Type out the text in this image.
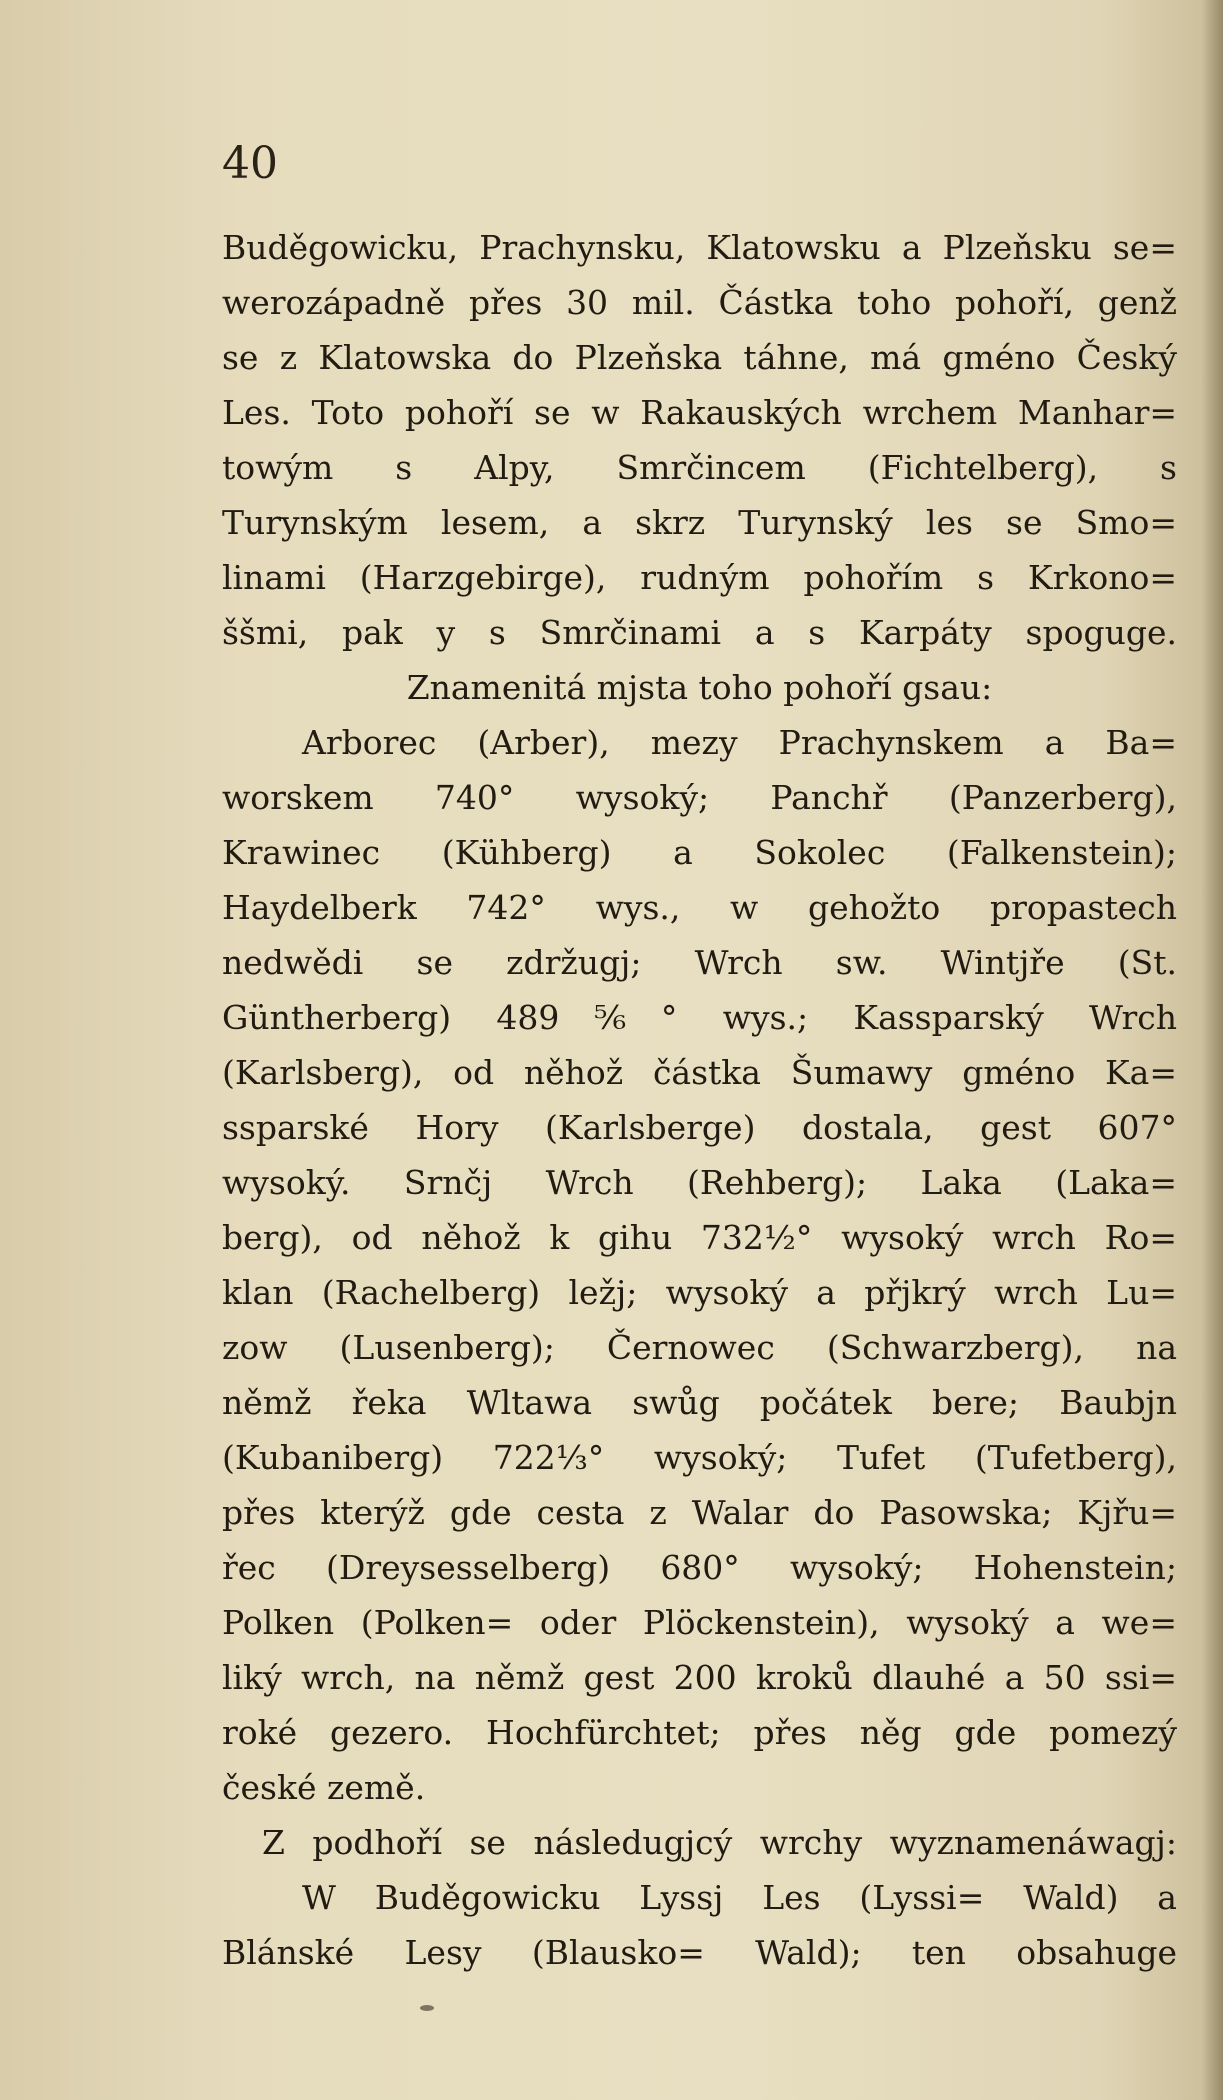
40
Buděgowicku, Prachynsku, Klatowsku a Plzeňsku se=
werozápadně přes 30 mil. Částka toho pohoří, genž
se z Klatowska do Plzeňska táhne, má gméno Český
Les. Toto pohoří se w Rakauských wrchem Manhar=
towým s Alpy, Smrčincem (Fichtelberg), s
Turynským lesem, a skrz Turynský les se Smo=
linami (Harzgebirge), rudným pohořím s Krkono=
ššmi, pak y s Smrčinami a s Karpáty spoguge.
Znamenitá mjsta toho pohoří gsau:
Arborec (Arber), mezy Prachynskem a Ba=
worskem 740° wysoký; Panchř (Panzerberg),
Krawinec (Kühberg) a Sokolec (Falkenstein);
Haydelberk 742° wys., w gehožto propastech
nedwědi se zdržugj; Wrch sw. Wintjře (St.
Güntherberg) 489⅚° wys.; Kassparský Wrch
(Karlsberg), od něhož částka Šumawy gméno Ka=
ssparské Hory (Karlsberge) dostala, gest 607°
wysoký. Srnčj Wrch (Rehberg); Laka (Laka=
berg), od něhož k gihu 732½° wysoký wrch Ro=
klan (Rachelberg) ležj; wysoký a přjkrý wrch Lu=
zow (Lusenberg); Černowec (Schwarzberg), na
němž řeka Wltawa swůg počátek bere; Baubjn
(Kubaniberg) 722⅓° wysoký; Tufet (Tufetberg),
přes kterýž gde cesta z Walar do Pasowska; Kjřu=
řec (Dreysesselberg) 680° wysoký; Hohenstein;
Polken (Polken= oder Plöckenstein), wysoký a we=
liký wrch, na němž gest 200 kroků dlauhé a 50 ssi=
roké gezero. Hochfürchtet; přes něg gde pomezý
české země.
Z podhoří se následugjcý wrchy wyznamenáwagj:
W Buděgowicku Lyssj Les (Lyssi= Wald) a
Blánské Lesy (Blausko= Wald); ten obsahuge
